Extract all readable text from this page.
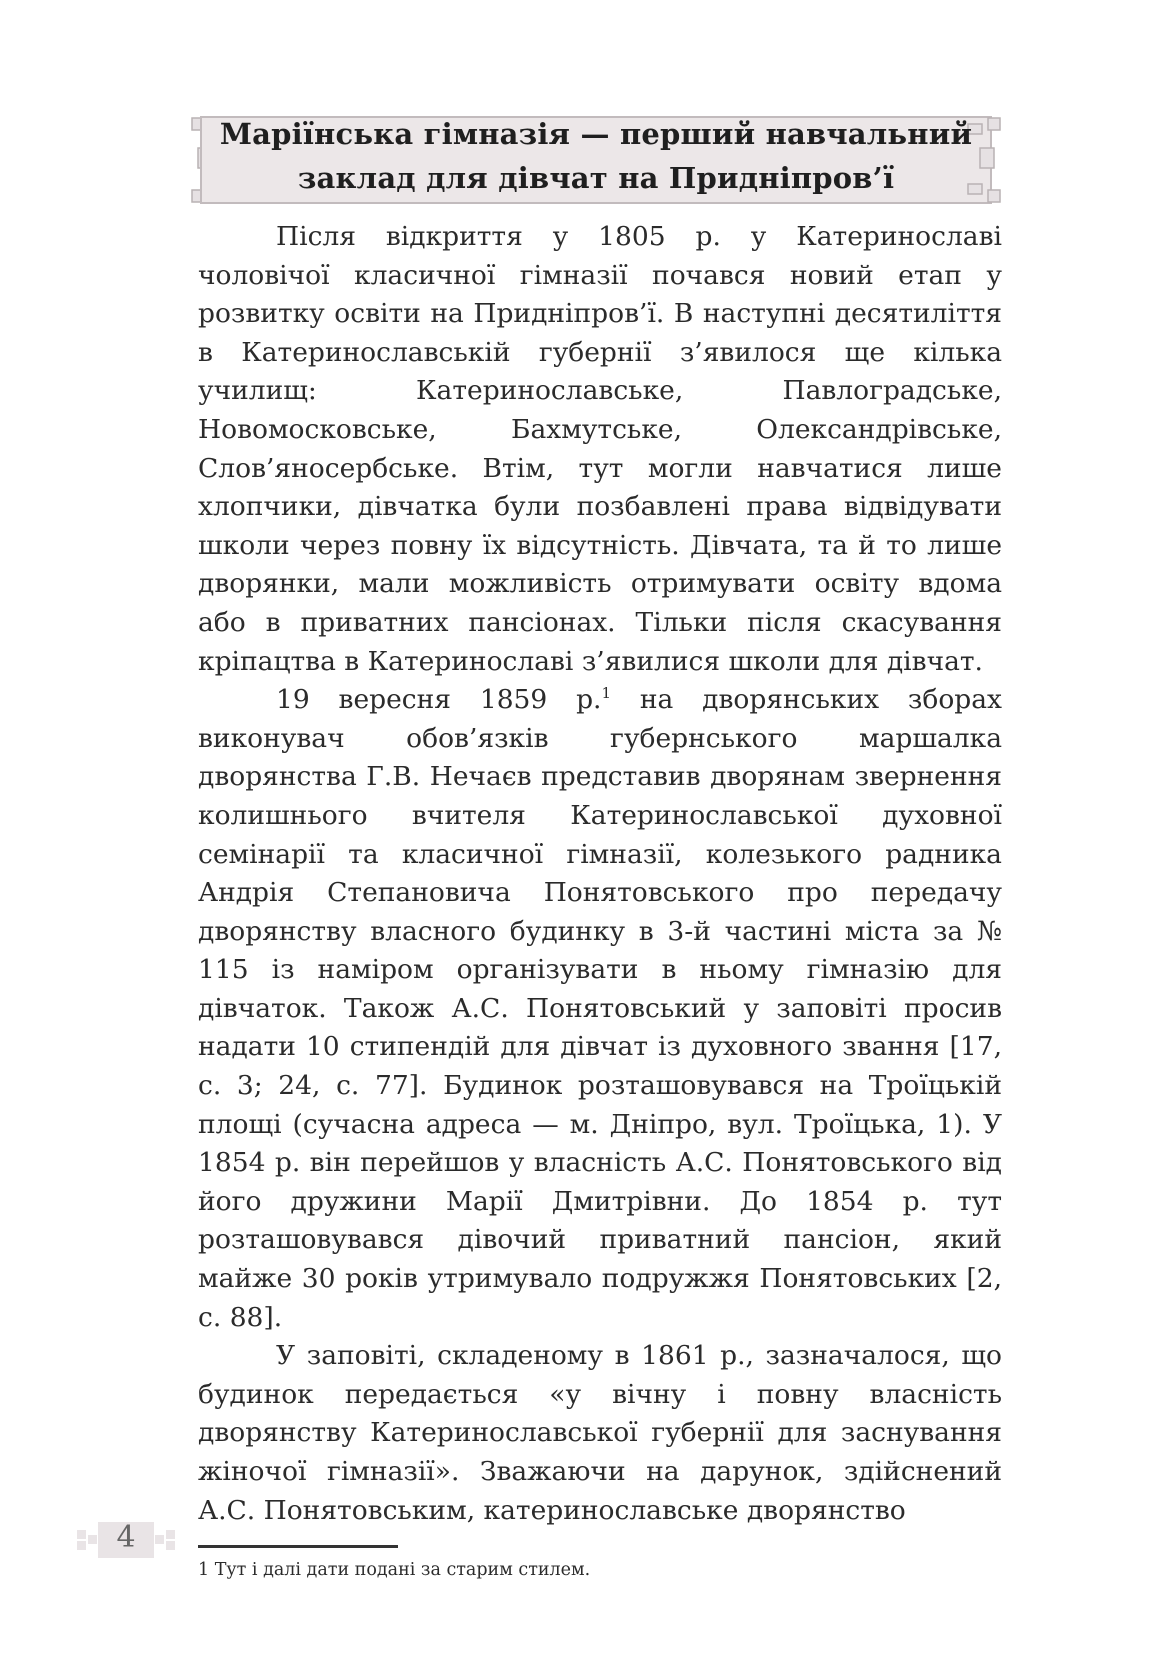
Маріїнська гімназія — перший навчальний
заклад для дівчат на Придніпров’ї

Після відкриття у 1805 р. у Катеринославі чоловічої класичної гімназії почався новий етап у розвитку освіти на Придніпров’ї. В наступні десятиліття в Катеринославській губернії з’явилося ще кілька училищ: Катеринославське, Павлоградське, Новомосковське, Бахмутське, Олександрівське, Слов’яносербське. Втім, тут могли навчатися лише хлопчики, дівчатка були позбавлені права відвідувати школи через повну їх відсутність. Дівчата, та й то лише дворянки, мали можливість отримувати освіту вдома або в приватних пансіонах. Тільки після скасування кріпацтва в Катеринославі з’явилися школи для дівчат.

19 вересня 1859 р.$^1$ на дворянських зборах виконувач обов’язків губернського маршалка дворянства Г.В. Нечаєв представив дворянам звернення колишнього вчителя Катеринославської духовної семінарії та класичної гімназії, колезького радника Андрія Степановича Понятовського про передачу дворянству власного будинку в 3-й частині міста за № 115 із наміром організувати в ньому гімназію для дівчаток. Також А.С. Понятовський у заповіті просив надати 10 стипендій для дівчат із духовного звання [17, с. 3; 24, с. 77]. Будинок розташовувався на Троїцькій площі (сучасна адреса — м. Дніпро, вул. Троїцька, 1). У 1854 р. він перейшов у власність А.С. Понятовського від його дружини Марії Дмитрівни. До 1854 р. тут розташовувався дівочий приватний пансіон, який майже 30 років утримувало подружжя Понятовських [2, с. 88].

У заповіті, складеному в 1861 р., зазначалося, що будинок передається «у вічну і повну власність дворянству Катеринославської губернії для заснування жіночої гімназії». Зважаючи на дарунок, здійснений А.С. Понятовським, катеринославське дворянство

4
1 Тут і далі дати подані за старим стилем.
